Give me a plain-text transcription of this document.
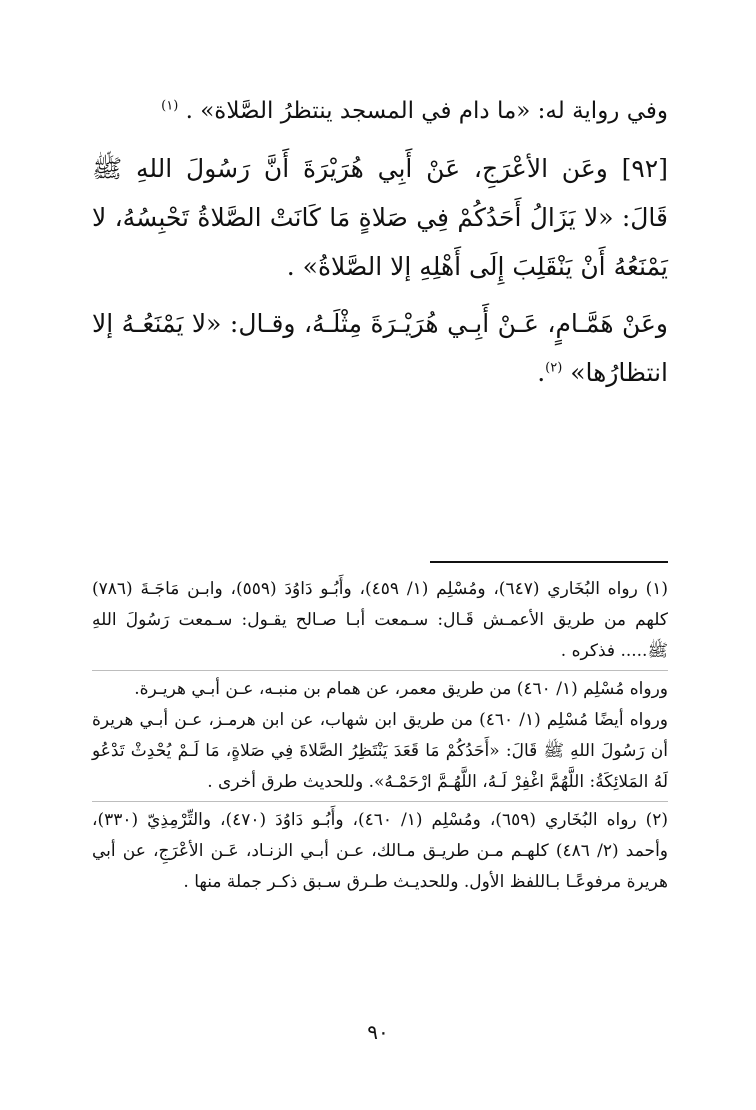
وفي رواية له: «ما دام في المسجد ينتظرُ الصَّلاة» . $^{(١)}$

[٩٢] وعَن الأعْرَجِ، عَنْ أَبِي هُرَيْرَةَ أَنَّ رَسُولَ اللهِ ﷺ قَالَ: «لا يَزَالُ أَحَدُكُمْ فِي صَلاةٍ مَا كَانَتْ الصَّلاةُ تَحْبِسُهُ، لا يَمْنَعُهُ أَنْ يَنْقَلِبَ إِلَى أَهْلِهِ إلا الصَّلاةُ» .

وعَنْ هَمَّـامٍ، عَـنْ أَبِـي هُرَيْـرَةَ مِثْلَـهُ، وقـال: «لا يَمْنَعُـهُ إلا انتظارُها» $^{(٢)}$.

(١) رواه البُخَاري (٦٤٧)، ومُسْلِم (١/ ٤٥٩)، وأَبُـو دَاوُدَ (٥٥٩)، وابـن مَاجَـةَ (٧٨٦) كلهم من طريق الأعمـش قَـال: سـمعت أبـا صـالح يقـول: سـمعت رَسُولَ اللهِ ﷺ..... فذكره .

ورواه مُسْلِم (١/ ٤٦٠) من طريق معمر، عن همام بن منبـه، عـن أبـي هريـرة.

ورواه أيضًا مُسْلِم (١/ ٤٦٠) من طريق ابن شهاب، عن ابن هرمـز، عـن أبـي هريرة أن رَسُولَ اللهِ ﷺ قَالَ: «أَحَدُكُمْ مَا قَعَدَ يَنْتَظِرُ الصَّلاةَ فِي صَلاةٍ، مَا لَـمْ يُحْدِثْ تَدْعُو لَهُ المَلائِكَةُ: اللَّهُمَّ اغْفِرْ لَـهُ، اللَّهُـمَّ ارْحَمْـهُ». وللحديث طرق أخرى .

(٢) رواه البُخَاري (٦٥٩)، ومُسْلِم (١/ ٤٦٠)، وأَبُـو دَاوُدَ (٤٧٠)، والتِّرْمِذِيّ (٣٣٠)، وأحمد (٢/ ٤٨٦) كلهـم مـن طريـق مـالك، عـن أبـي الزنـاد، عَـن الأعْرَجِ، عن أبي هريرة مرفوعًـا بـاللفظ الأول. وللحديـث طـرق سـبق ذكـر جملة منها .

٩٠
